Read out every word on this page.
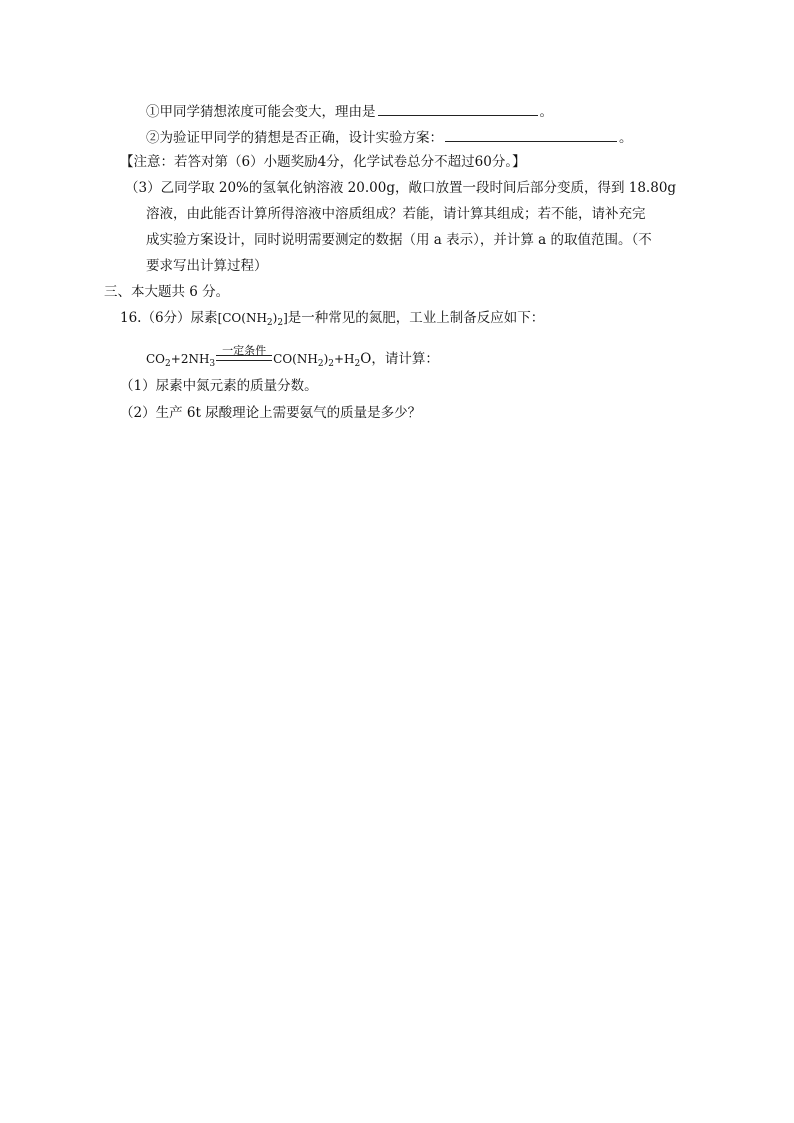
①甲同学猜想浓度可能会变大，理由是	。
②为验证甲同学的猜想是否正确，设计实验方案：	。
【注意：若答对第（6）小题奖励4分，化学试卷总分不超过60分。】
（3）乙同学取 20%的氢氧化钠溶液 20.00g，敞口放置一段时间后部分变质，得到 18.80g
溶液，由此能否计算所得溶液中溶质组成？若能，请计算其组成；若不能，请补充完
成实验方案设计，同时说明需要测定的数据（用 a 表示），并计算 a 的取值范围。（不
要求写出计算过程）
三、本大题共 6 分。
16.（6分）尿素$[CO(NH_2)_2]$是一种常见的氮肥，工业上制备反应如下：
$CO_2+2NH_3$
一定条件
$CO(NH_2)_2+H_2O$，请计算：
（1）尿素中氮元素的质量分数。
（2）生产 6t 尿酸理论上需要氨气的质量是多少？
